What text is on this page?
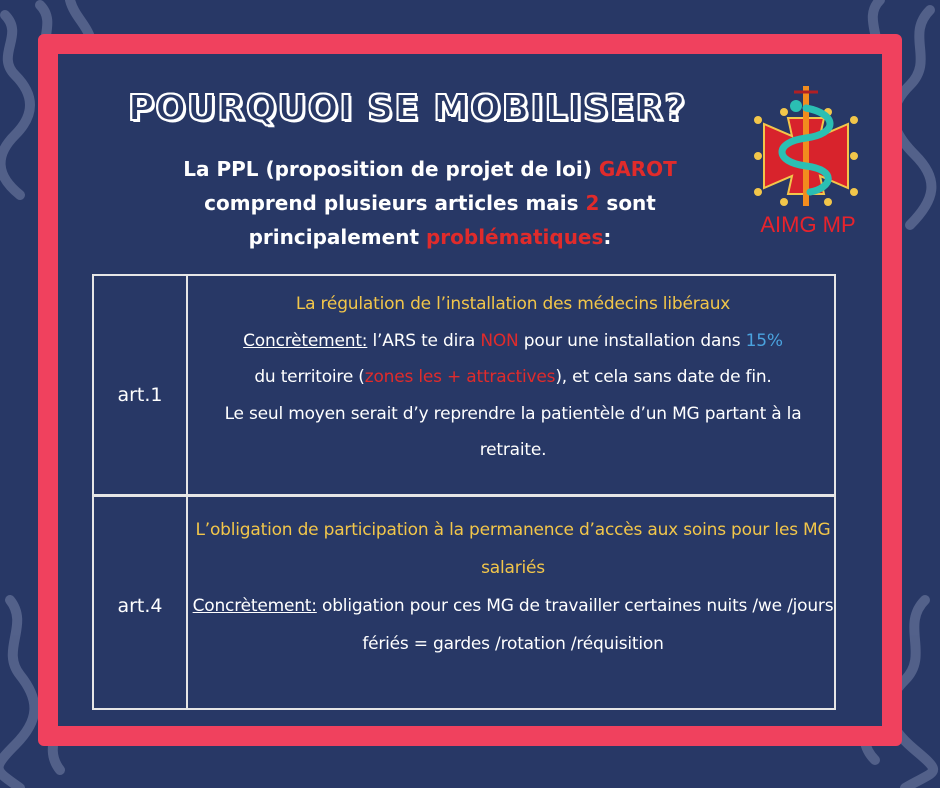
POURQUOI SE MOBILISER?
La PPL (proposition de projet de loi) GAROT comprend plusieurs articles mais 2 sont principalement problématiques:	AIMG MP
art.1
La régulation de l’installation des médecins libéraux
Concrètement: l’ARS te dira NON pour une installation dans 15%
du territoire (zones les + attractives), et cela sans date de fin.
Le seul moyen serait d’y reprendre la patientèle d’un MG partant à la retraite.
art.4
L’obligation de participation à la permanence d’accès aux soins pour les MG salariés
Concrètement: obligation pour ces MG de travailler certaines nuits /we /jours fériés = gardes /rotation /réquisition
